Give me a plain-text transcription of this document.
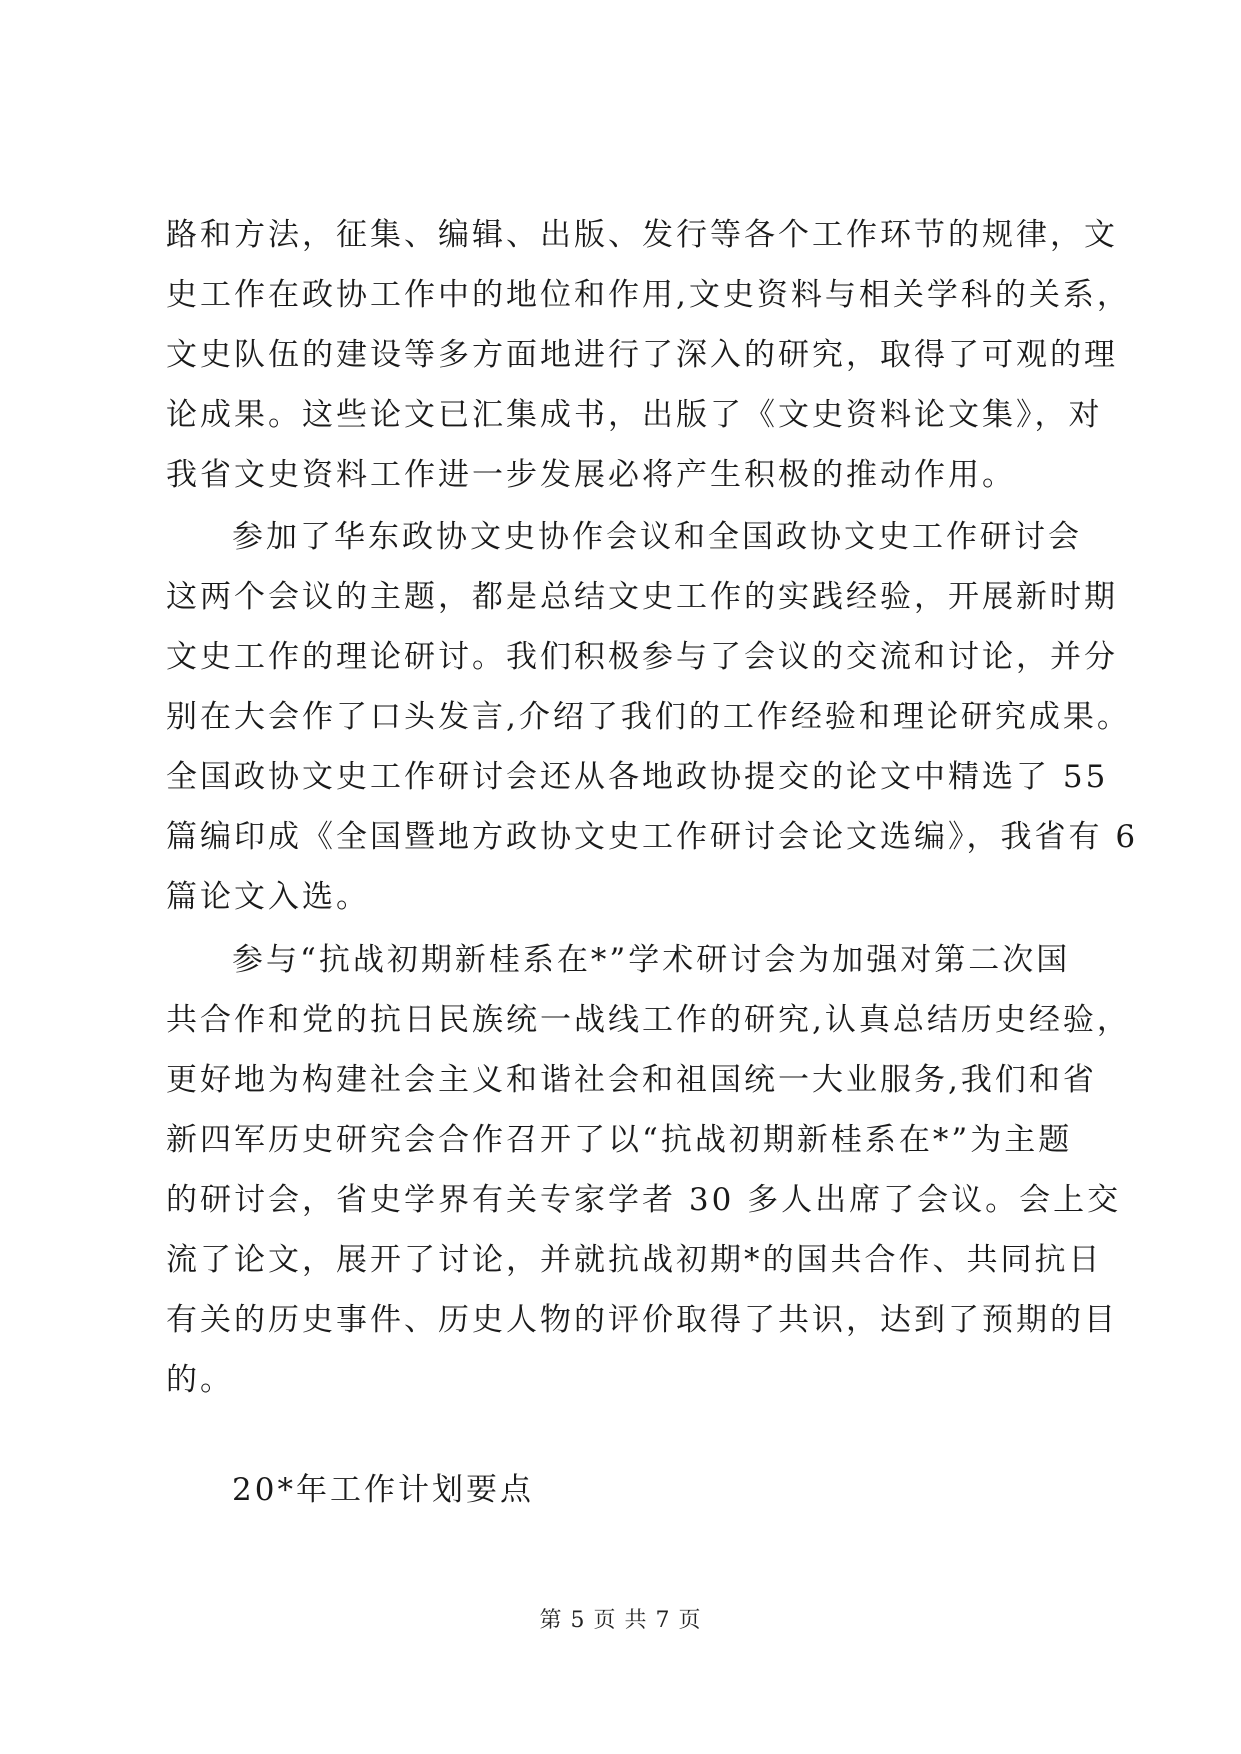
路和方法，征集、编辑、出版、发行等各个工作环节的规律，文
史工作在政协工作中的地位和作用,文史资料与相关学科的关系，
文史队伍的建设等多方面地进行了深入的研究，取得了可观的理
论成果。这些论文已汇集成书，出版了《文史资料论文集》，对
我省文史资料工作进一步发展必将产生积极的推动作用。
参加了华东政协文史协作会议和全国政协文史工作研讨会
这两个会议的主题，都是总结文史工作的实践经验，开展新时期
文史工作的理论研讨。我们积极参与了会议的交流和讨论，并分
别在大会作了口头发言,介绍了我们的工作经验和理论研究成果。
全国政协文史工作研讨会还从各地政协提交的论文中精选了 55
篇编印成《全国暨地方政协文史工作研讨会论文选编》，我省有 6
篇论文入选。
参与“抗战初期新桂系在*”学术研讨会为加强对第二次国
共合作和党的抗日民族统一战线工作的研究,认真总结历史经验，
更好地为构建社会主义和谐社会和祖国统一大业服务,我们和省
新四军历史研究会合作召开了以“抗战初期新桂系在*”为主题
的研讨会，省史学界有关专家学者 30 多人出席了会议。会上交
流了论文，展开了讨论，并就抗战初期*的国共合作、共同抗日
有关的历史事件、历史人物的评价取得了共识，达到了预期的目
的。
20*年工作计划要点
第 5 页 共 7 页
